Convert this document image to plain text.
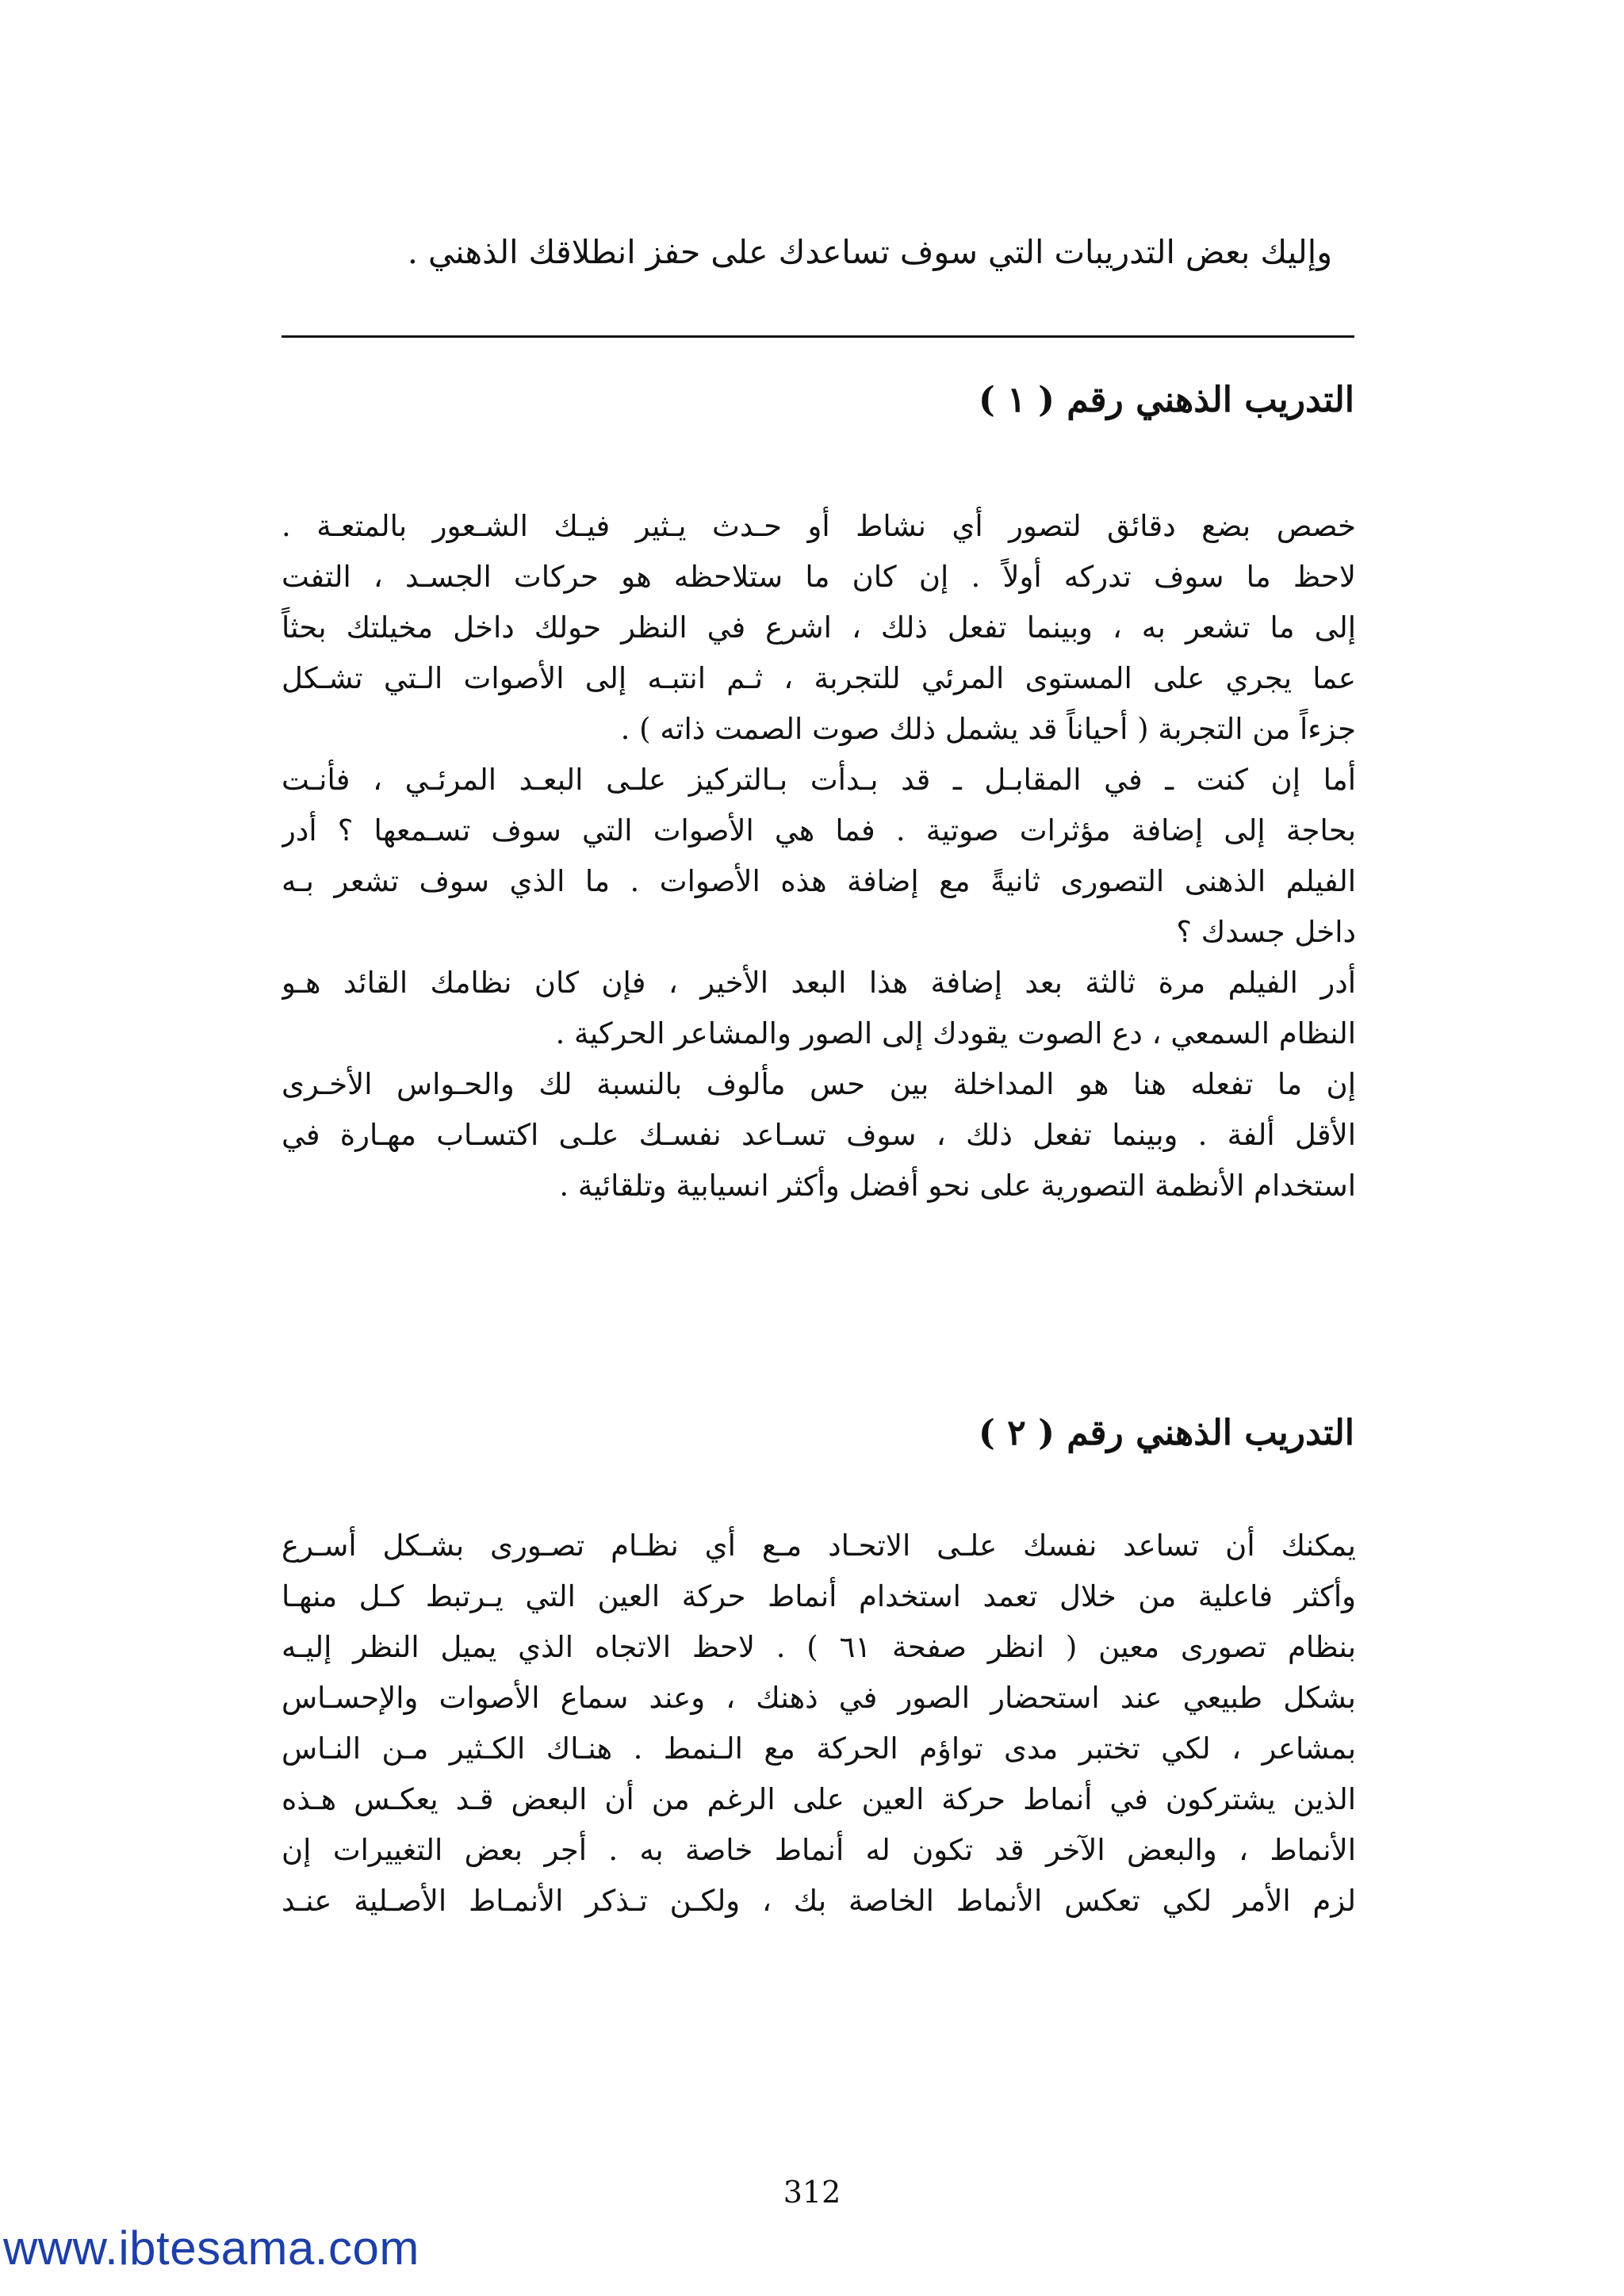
وإليك بعض التدريبات التي سوف تساعدك على حفز انطلاقك الذهني .
التدريب الذهني رقم ( ١ )
خصص بضع دقائق لتصور أي نشاط أو حـدث يـثير فيـك الشـعور بالمتعـة .
لاحظ ما سوف تدركه أولاً . إن كان ما ستلاحظه هو حركات الجسـد ، التفت
إلى ما تشعر به ، وبينما تفعل ذلك ، اشرع في النظر حولك داخل مخيلتك بحثاً
عما يجري على المستوى المرئي للتجربة ، ثـم انتبـه إلى الأصوات الـتي تشـكل
جزءاً من التجربة ( أحياناً قد يشمل ذلك صوت الصمت ذاته ) .
أما إن كنت ـ في المقابـل ـ قد بـدأت بـالتركيز علـى البعـد المرئـي ، فأنـت
بحاجة إلى إضافة مؤثرات صوتية . فما هي الأصوات التي سوف تسـمعها ؟ أدر
الفيلم الذهنى التصورى ثانيةً مع إضافة هذه الأصوات . ما الذي سوف تشعر بـه
داخل جسدك ؟
أدر الفيلم مرة ثالثة بعد إضافة هذا البعد الأخير ، فإن كان نظامك القائد هـو
النظام السمعي ، دع الصوت يقودك إلى الصور والمشاعر الحركية .
إن ما تفعله هنا هو المداخلة بين حس مألوف بالنسبة لك والحـواس الأخـرى
الأقل ألفة . وبينما تفعل ذلك ، سوف تسـاعد نفسـك علـى اكتسـاب مهـارة في
استخدام الأنظمة التصورية على نحو أفضل وأكثر انسيابية وتلقائية .
التدريب الذهني رقم ( ٢ )
يمكنك أن تساعد نفسك علـى الاتحـاد مـع أي نظـام تصـورى بشـكل أسـرع
وأكثر فاعلية من خلال تعمد استخدام أنماط حركة العين التي يـرتبط كـل منهـا
بنظام تصورى معين ( انظر صفحة ٦١ ) . لاحظ الاتجاه الذي يميل النظر إليـه
بشكل طبيعي عند استحضار الصور في ذهنك ، وعند سماع الأصوات والإحسـاس
بمشاعر ، لكي تختبر مدى تواؤم الحركة مع الـنمط . هنـاك الكـثير مـن النـاس
الذين يشتركون في أنماط حركة العين على الرغم من أن البعض قـد يعكـس هـذه
الأنماط ، والبعض الآخر قد تكون له أنماط خاصة به . أجر بعض التغييرات إن
لزم الأمر لكي تعكس الأنماط الخاصة بك ، ولكـن تـذكر الأنمـاط الأصـلية عنـد
312
www.ibtesama.com
